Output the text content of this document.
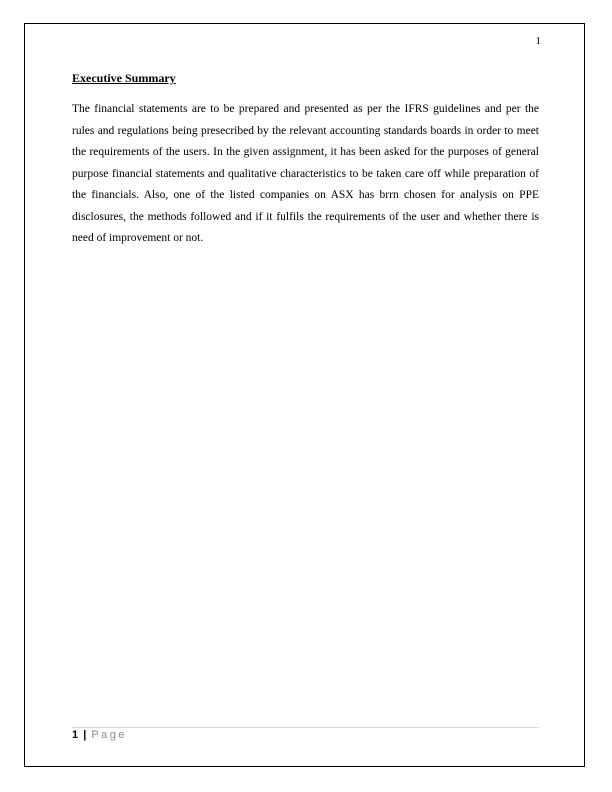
1
Executive Summary

The financial statements are to be prepared and presented as per the IFRS guidelines and per the rules and regulations being presecribed by the relevant accounting standards boards in order to meet the requirements of the users. In the given assignment, it has been asked for the purposes of general purpose financial statements and qualitative characteristics to be taken care off while preparation of the financials. Also, one of the listed companies on ASX has brrn chosen for analysis on PPE disclosures, the methods followed and if it fulfils the requirements of the user and whether there is need of improvement or not.

1 | Page
